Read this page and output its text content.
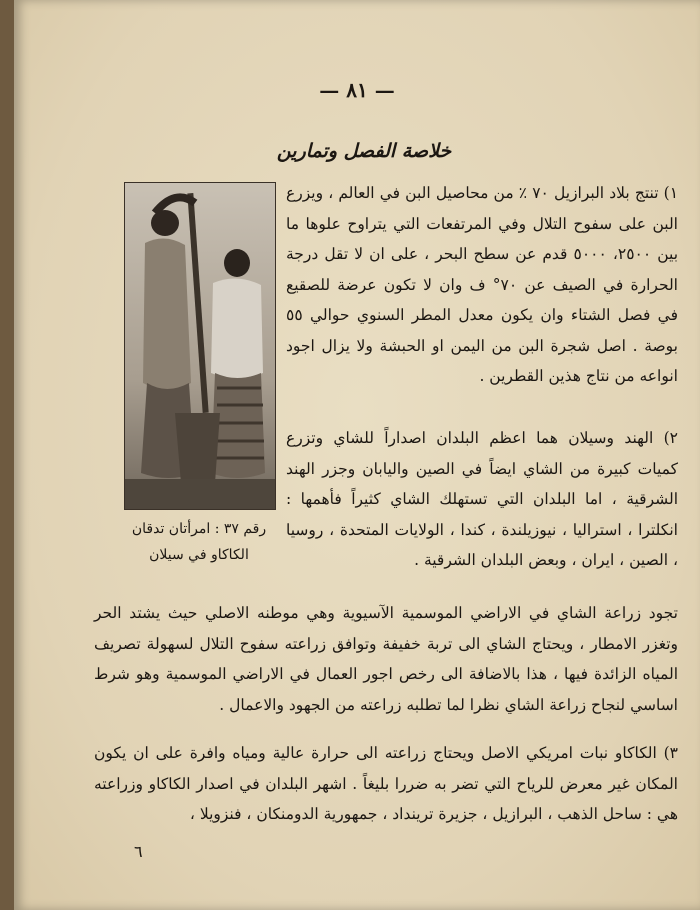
— ٨١ —
خلاصة الفصل وتمارين
رقم ٣٧ : امرأتان تدقان
الكاكاو في سيلان
١) تنتج بلاد البرازيل ٧٠ ٪ من محاصيل البن في العالم ، ويزرع البن على سفوح التلال وفي المرتفعات التي يتراوح علوها ما بين ٢٥٠٠، ٥٠٠٠ قدم عن سطح البحر ، على ان لا تقل درجة الحرارة في الصيف عن ٧٠° ف وان لا تكون عرضة للصقيع في فصل الشتاء وان يكون معدل المطر السنوي حوالي ٥٥ بوصة . اصل شجرة البن من اليمن او الحبشة ولا يزال اجود انواعه من نتاج هذين القطرين .
٢) الهند وسيلان هما اعظم البلدان اصداراً للشاي وتزرع كميات كبيرة من الشاي ايضاً في الصين واليابان وجزر الهند الشرقية ، اما البلدان التي تستهلك الشاي كثيراً فأهمها : انكلترا ، استراليا ، نيوزيلندة ، كندا ، الولايات المتحدة ، روسيا ، الصين ، ايران ، وبعض البلدان الشرقية .
تجود زراعة الشاي في الاراضي الموسمية الآسيوية وهي موطنه الاصلي حيث يشتد الحر وتغزر الامطار ، ويحتاج الشاي الى تربة خفيفة وتوافق زراعته سفوح التلال لسهولة تصريف المياه الزائدة فيها ، هذا بالاضافة الى رخص اجور العمال في الاراضي الموسمية وهو شرط اساسي لنجاح زراعة الشاي نظرا لما تطلبه زراعته من الجهود والاعمال .
٣) الكاكاو نبات امريكي الاصل ويحتاج زراعته الى حرارة عالية ومياه وافرة على ان يكون المكان غير معرض للرياح التي تضر به ضررا بليغاً . اشهر البلدان في اصدار الكاكاو وزراعته هي : ساحل الذهب ، البرازيل ، جزيرة ترينداد ، جمهورية الدومنكان ، فنزويلا ،
٦
